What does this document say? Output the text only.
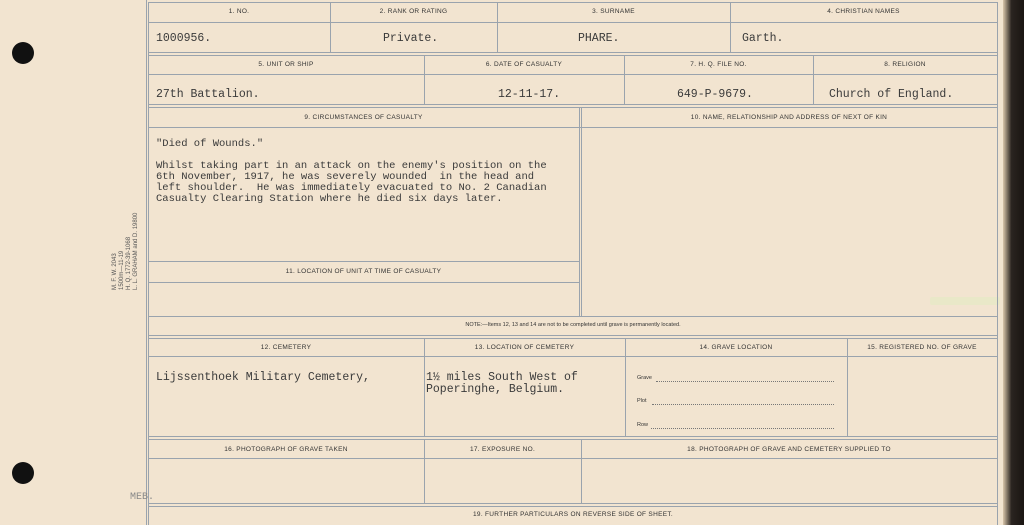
M. F. W. 2043 1500m—11-19 H. Q. 1772-39-1068 L. L. GRAHAM and D. 19800
1. NO.	2. RANK OR RATING	3. SURNAME	4. CHRISTIAN NAMES
1000956.	Private.	PHARE.	Garth.
5. UNIT OR SHIP	6. DATE OF CASUALTY	7. H. Q. FILE NO.	8. RELIGION
27th Battalion.	12-11-17.	649-P-9679.	Church of England.
9. CIRCUMSTANCES OF CASUALTY	10. NAME, RELATIONSHIP AND ADDRESS OF NEXT OF KIN
"Died of Wounds."
Whilst taking part in an attack on the enemy's position on the
6th November, 1917, he was severely wounded  in the head and
left shoulder.  He was immediately evacuated to No. 2 Canadian
Casualty Clearing Station where he died six days later.
11. LOCATION OF UNIT AT TIME OF CASUALTY
NOTE:—Items 12, 13 and 14 are not to be completed until grave is permanently located.
12. CEMETERY	13. LOCATION OF CEMETERY	14. GRAVE LOCATION	15. REGISTERED NO. OF GRAVE
Lijssenthoek Military Cemetery,	1½ miles South West of
Poperinghe, Belgium.
Grave
Plot
Row
16. PHOTOGRAPH OF GRAVE TAKEN	17. EXPOSURE NO.	18. PHOTOGRAPH OF GRAVE AND CEMETERY SUPPLIED TO
19. FURTHER PARTICULARS ON REVERSE SIDE OF SHEET.
MEB.
